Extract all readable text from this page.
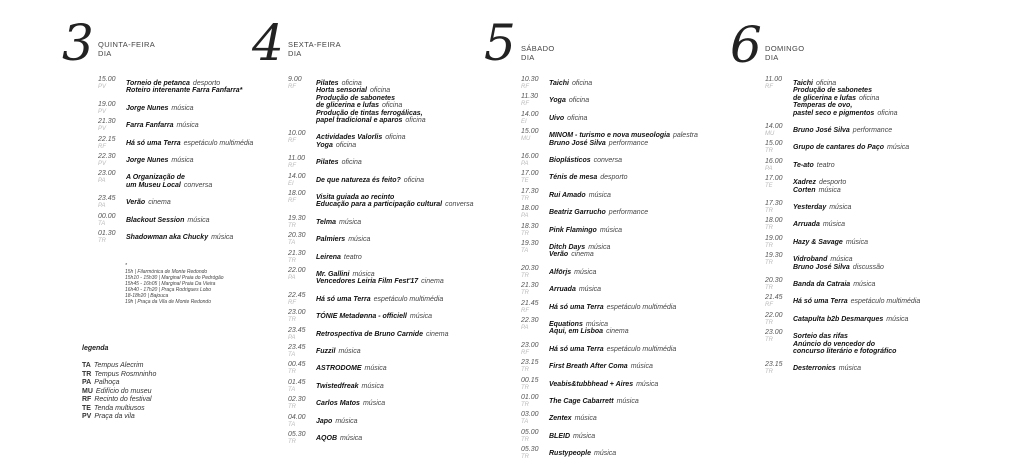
3 QUINTA-FEIRA
DIA
15.00
PV	Torneio de petanca desporto
Roteiro interenante Farra Fanfarra*
19.00
PV	Jorge Nunes música
21.30
PV	Farra Fanfarra música
22.15
RF	Há só uma Terra espetáculo multimédia
22.30
PV	Jorge Nunes música
23.00
PA	A Organização de
um Museu Local conversa
23.45
PA	Verão cinema
00.00
TA	Blackout Session música
01.30
TR	Shadowman aka Chucky música
4 SEXTA-FEIRA
DIA
9.00
RF	Pilates oficina
Horta sensorial oficina
Produção de sabonetes
de glicerina e lufas oficina
Produção de tintas ferrogálicas,
papel tradicional e aparos oficina
10.00
RF	Actividades Valorlis oficina
Yoga oficina
11.00
RF	Pilates oficina
14.00
EI	De que natureza és feito? oficina
18.00
RF	Visita guiada ao recinto
Educação para a participação cultural conversa
19.30
TR	Telma música
20.30
TA	Palmiers música
21.30
TR	Leirena teatro
22.00
PA	Mr. Gallini música
Vencedores Leiria Film Fest'17 cinema
22.45
RF	Há só uma Terra espetáculo multimédia
23.00
TR	TÓNIE Metadønna - officiell música
23.45
PA	Retrospectiva de Bruno Carnide cinema
23.45
TA	Fuzzil música
00.45
TR	ASTRODOME música
01.45
TA	Twistedfreak música
02.30
TR	Carlos Matos música
04.00
TA	Japo música
05.30
TR	AQOB música
5 SÁBADO
DIA
10.30
RF	Taichi oficina
11.30
RF	Yoga oficina
14.00
EI	Uivo oficina
15.00
MU	MINOM - turismo e nova museologia palestra
Bruno José Silva performance
16.00
PA	Bioplásticos conversa
17.00
TE	Ténis de mesa desporto
17.30
TR	Rui Amado música
18.00
PA	Beatriz Garrucho performance
18.30
TR	Pink Flamingo música
19.30
TA	Ditch Days música
Verão cinema
20.30
TR	Alförjs música
21.30
TR	Arruada música
21.45
RF	Há só uma Terra espetáculo multimédia
22.30
PA	Equations música
Aqui, em Lisboa cinema
23.00
RF	Há só uma Terra espetáculo multimédia
23.15
TR	First Breath After Coma música
00.15
TR	Veabis&tubbhead + Aires música
01.00
TR	The Cage Cabarrett música
03.00
TA	Zentex música
05.00
TR	BLEID música
05.30
TR	Rustypeople música
6 DOMINGO
DIA
11.00
RF	Taichi oficina
Produção de sabonetes
de glicerina e lufas oficina
Temperas de ovo,
pastel seco e pigmentos oficina
14.00
MU	Bruno José Silva performance
15.00
TR	Grupo de cantares do Paço música
16.00
PA	Te-ato teatro
17.00
TE	Xadrez desporto
Corten música
17.30
TR	Yesterday música
18.00
TR	Arruada música
19.00
TR	Hazy & Savage música
19.30
TR	Vidroband música
Bruno José Silva discussão
20.30
TR	Banda da Catraia música
21.45
RF	Há só uma Terra espetáculo multimédia
22.00
TR	Catapulta b2b Desmarques música
23.00
TR	Sorteio das rifas
Anúncio do vencedor do
concurso literário e fotográfico
23.15
TR	Desterronics música
*
15h | Filarmónica de Monte Redondo
15h10 - 15h30 | Marginal Praia do Pedrógão
15h45 - 16h05 | Marginal Praia Da Vieira
16h40 - 17h20 | Praça Rodrigues Lobo
18-18h20 | Bajouca
19h | Praça da Vila de Monte Redondo
legenda
TA Tempus Alecrim
TR Tempus Rosmninho
PA Palhoça
MU Edifício do museu
RF Recinto do festival
TE Tenda multiusos
PV Praça da vila
